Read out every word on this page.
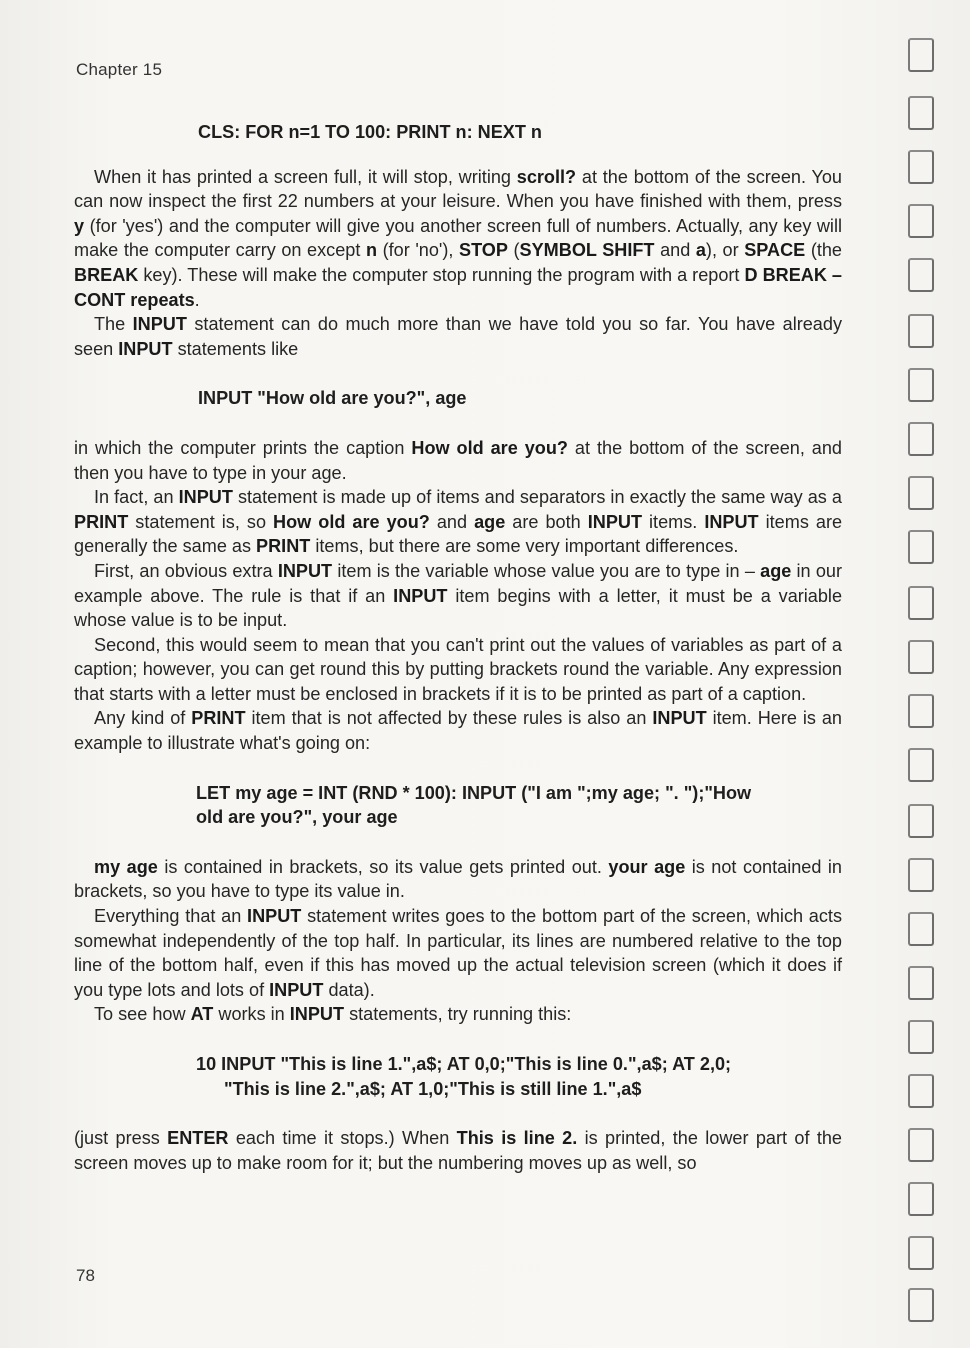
Chapter 15

CLS: FOR n=1 TO 100: PRINT n: NEXT n

When it has printed a screen full, it will stop, writing scroll? at the bottom of the screen. You can now inspect the first 22 numbers at your leisure. When you have finished with them, press y (for 'yes') and the computer will give you another screen full of numbers. Actually, any key will make the computer carry on except n (for 'no'), STOP (SYMBOL SHIFT and a), or SPACE (the BREAK key). These will make the computer stop running the program with a report D BREAK – CONT repeats.

The INPUT statement can do much more than we have told you so far. You have already seen INPUT statements like

INPUT "How old are you?", age

in which the computer prints the caption How old are you? at the bottom of the screen, and then you have to type in your age.

In fact, an INPUT statement is made up of items and separators in exactly the same way as a PRINT statement is, so How old are you? and age are both INPUT items. INPUT items are generally the same as PRINT items, but there are some very important differences.

First, an obvious extra INPUT item is the variable whose value you are to type in – age in our example above. The rule is that if an INPUT item begins with a letter, it must be a variable whose value is to be input.

Second, this would seem to mean that you can't print out the values of variables as part of a caption; however, you can get round this by putting brackets round the variable. Any expression that starts with a letter must be enclosed in brackets if it is to be printed as part of a caption.

Any kind of PRINT item that is not affected by these rules is also an INPUT item. Here is an example to illustrate what's going on:

LET my age = INT (RND * 100): INPUT ("I am ";my age; ". ");"How

old are you?", your age

my age is contained in brackets, so its value gets printed out. your age is not contained in brackets, so you have to type its value in.

Everything that an INPUT statement writes goes to the bottom part of the screen, which acts somewhat independently of the top half. In particular, its lines are numbered relative to the top line of the bottom half, even if this has moved up the actual television screen (which it does if you type lots and lots of INPUT data).

To see how AT works in INPUT statements, try running this:

10 INPUT "This is line 1.",a$; AT 0,0;"This is line 0.",a$; AT 2,0;

"This is line 2.",a$; AT 1,0;"This is still line 1.",a$

(just press ENTER each time it stops.) When This is line 2. is printed, the lower part of the screen moves up to make room for it; but the numbering moves up as well, so

78
